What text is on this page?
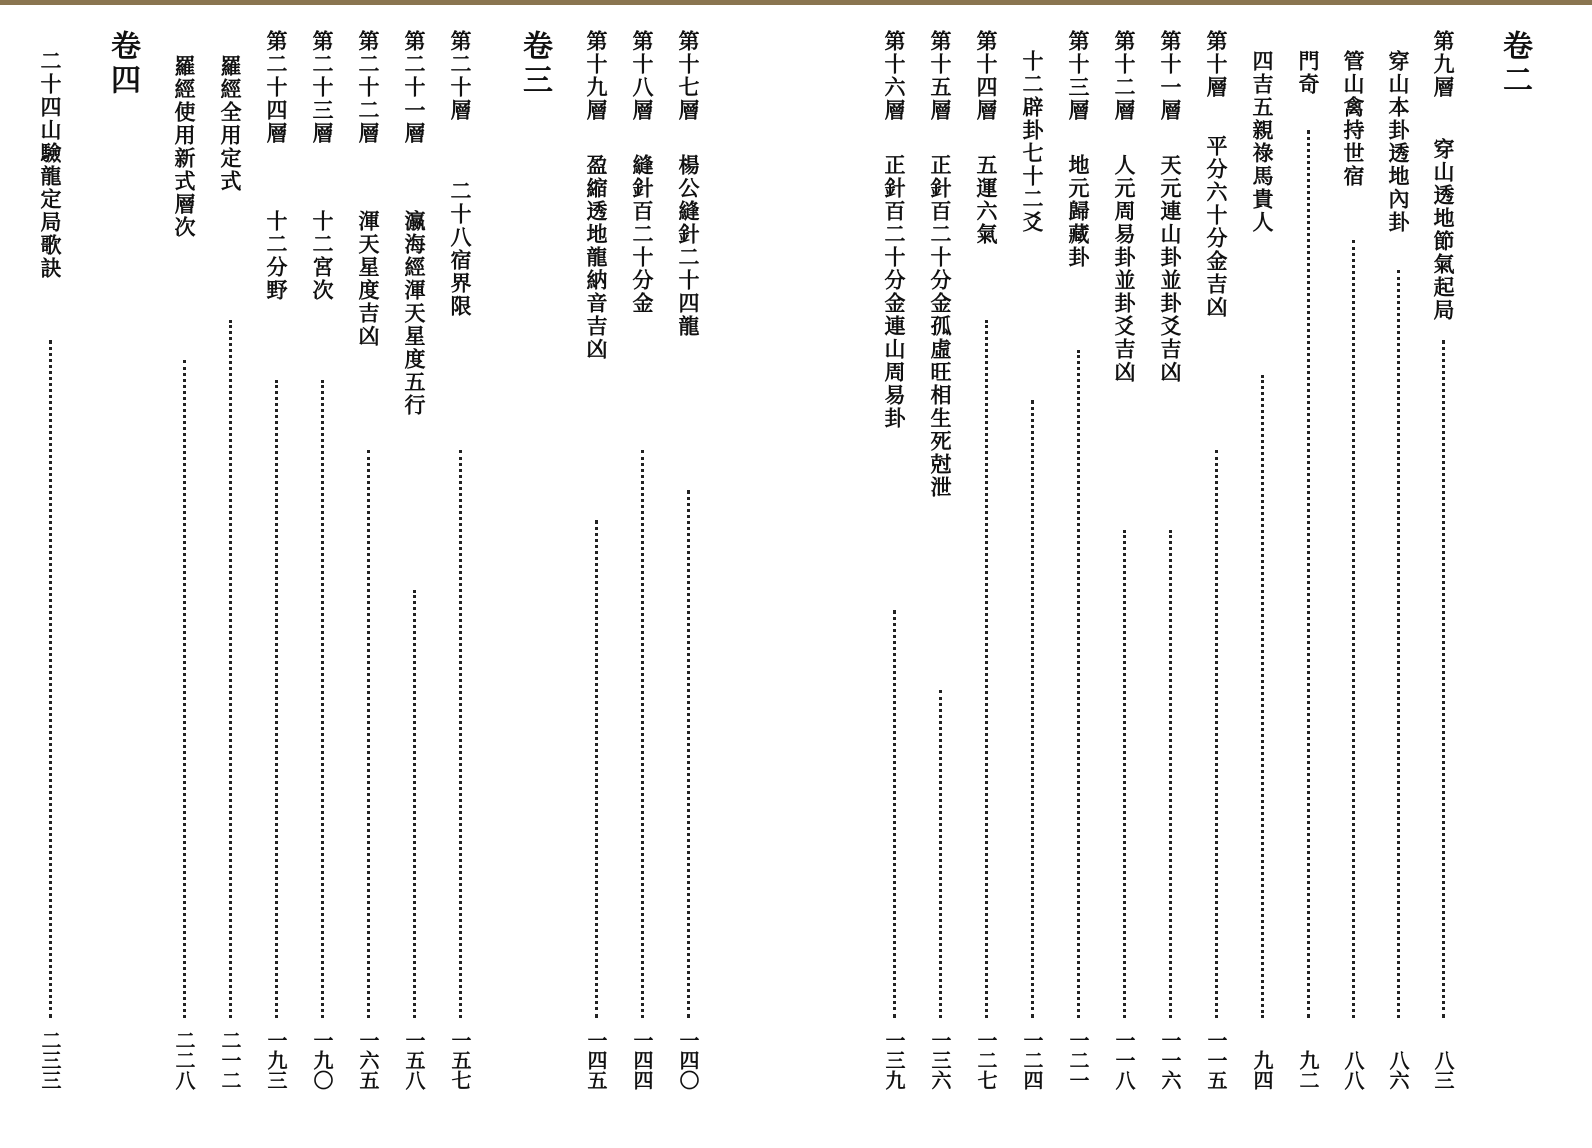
卷二
第九層
穿山透地節氣起局
八三
穿山本卦透地內卦
八六
管山禽持世宿
八八
門奇
九二
四吉五親祿馬貴人
九四
第十層
平分六十分金吉凶
一一五
第十一層
天元連山卦並卦爻吉凶
一一六
第十二層
人元周易卦並卦爻吉凶
一一八
第十三層
地元歸藏卦
一二一
十二辟卦七十二爻
一二四
第十四層
五運六氣
一二七
第十五層
正針百二十分金孤虛旺相生死尅泄
一三六
第十六層
正針百二十分金連山周易卦
一三九
第十七層
楊公縫針二十四龍
一四〇
第十八層
縫針百二十分金
一四四
第十九層
盈縮透地龍納音吉凶
一四五
卷三
第二十層
二十八宿界限
一五七
第二十一層
瀛海經渾天星度五行
一五八
第二十二層
渾天星度吉凶
一六五
第二十三層
十二宮次
一九〇
第二十四層
十二分野
一九三
羅經全用定式
二一二
羅經使用新式層次
二二八
卷四
二十四山驗龍定局歌訣
二三三
